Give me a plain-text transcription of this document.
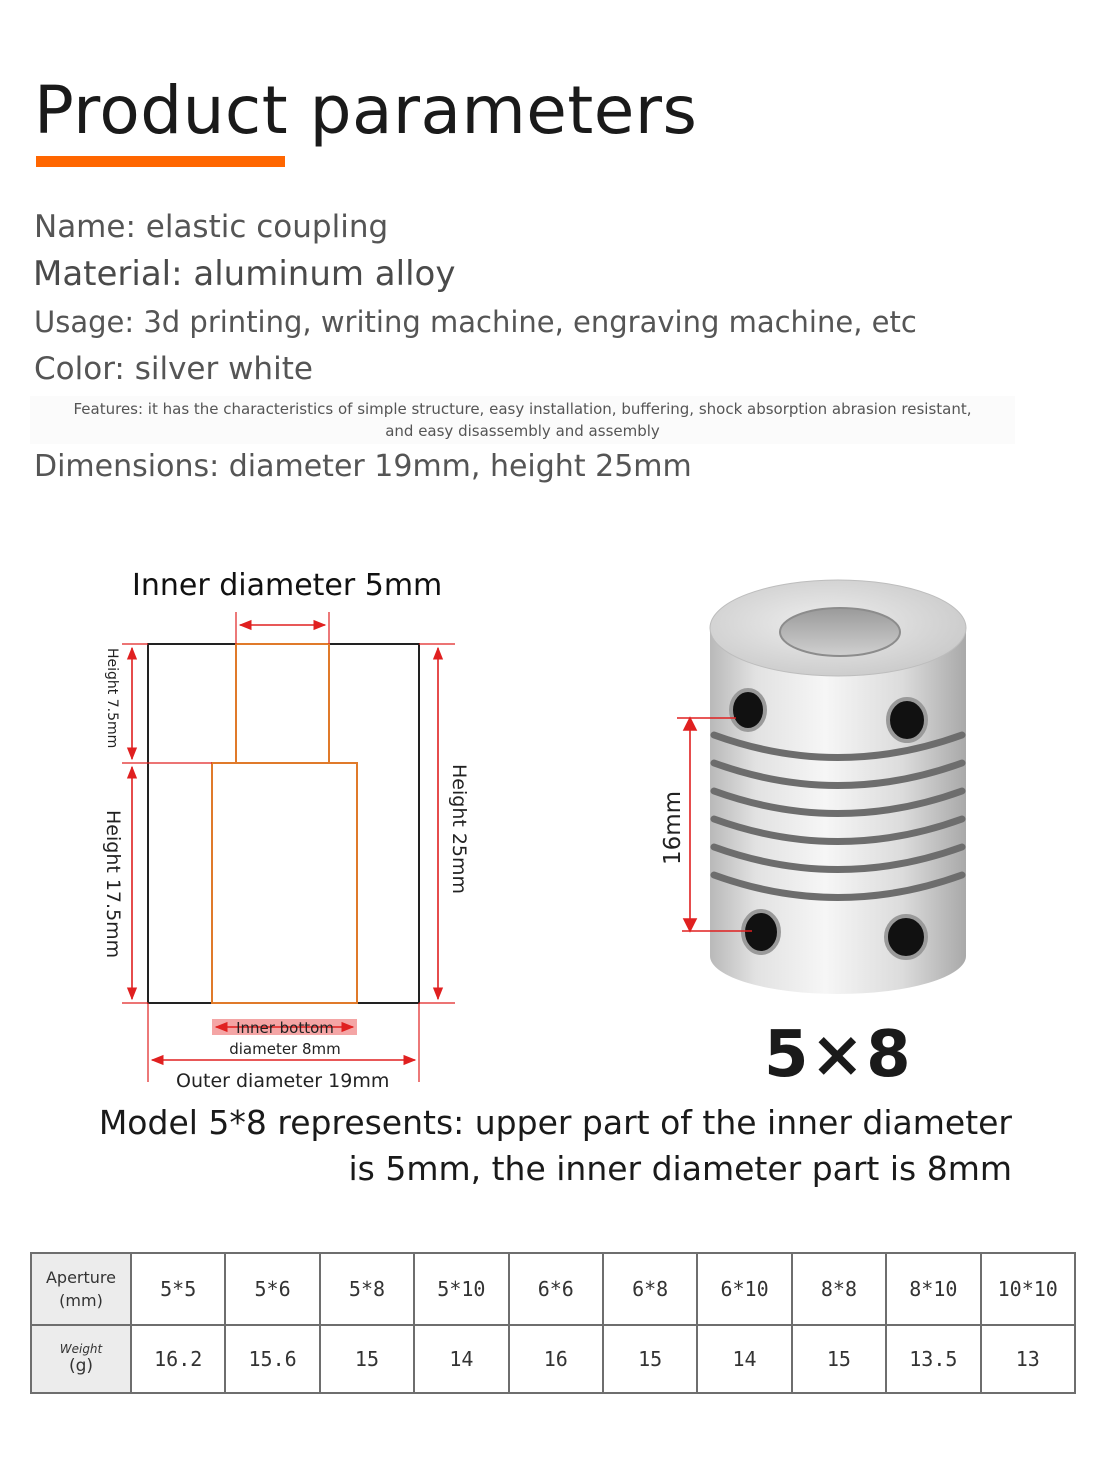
Product parameters

Name: elastic coupling

Material: aluminum alloy

Usage: 3d printing, writing machine, engraving machine, etc

Color: silver white

Features: it has the characteristics of simple structure, easy installation, buffering, shock absorption abrasion resistant,
and easy disassembly and assembly

Dimensions: diameter 19mm, height 25mm

Inner diameter 5mm
Height 7.5mm
Height 17.5mm	Height 25mm
Inner bottom
diameter 8mm
Outer diameter 19mm
16mm
5×8

Model 5*8 represents: upper part of the inner diameter
is 5mm, the inner diameter part is 8mm

Aperture
(mm)	5*5	5*6	5*8	5*10	6*6	6*8	6*10	8*8	8*10	10*10

Weight
(g)	16.2	15.6	15	14	16	15	14	15	13.5	13
